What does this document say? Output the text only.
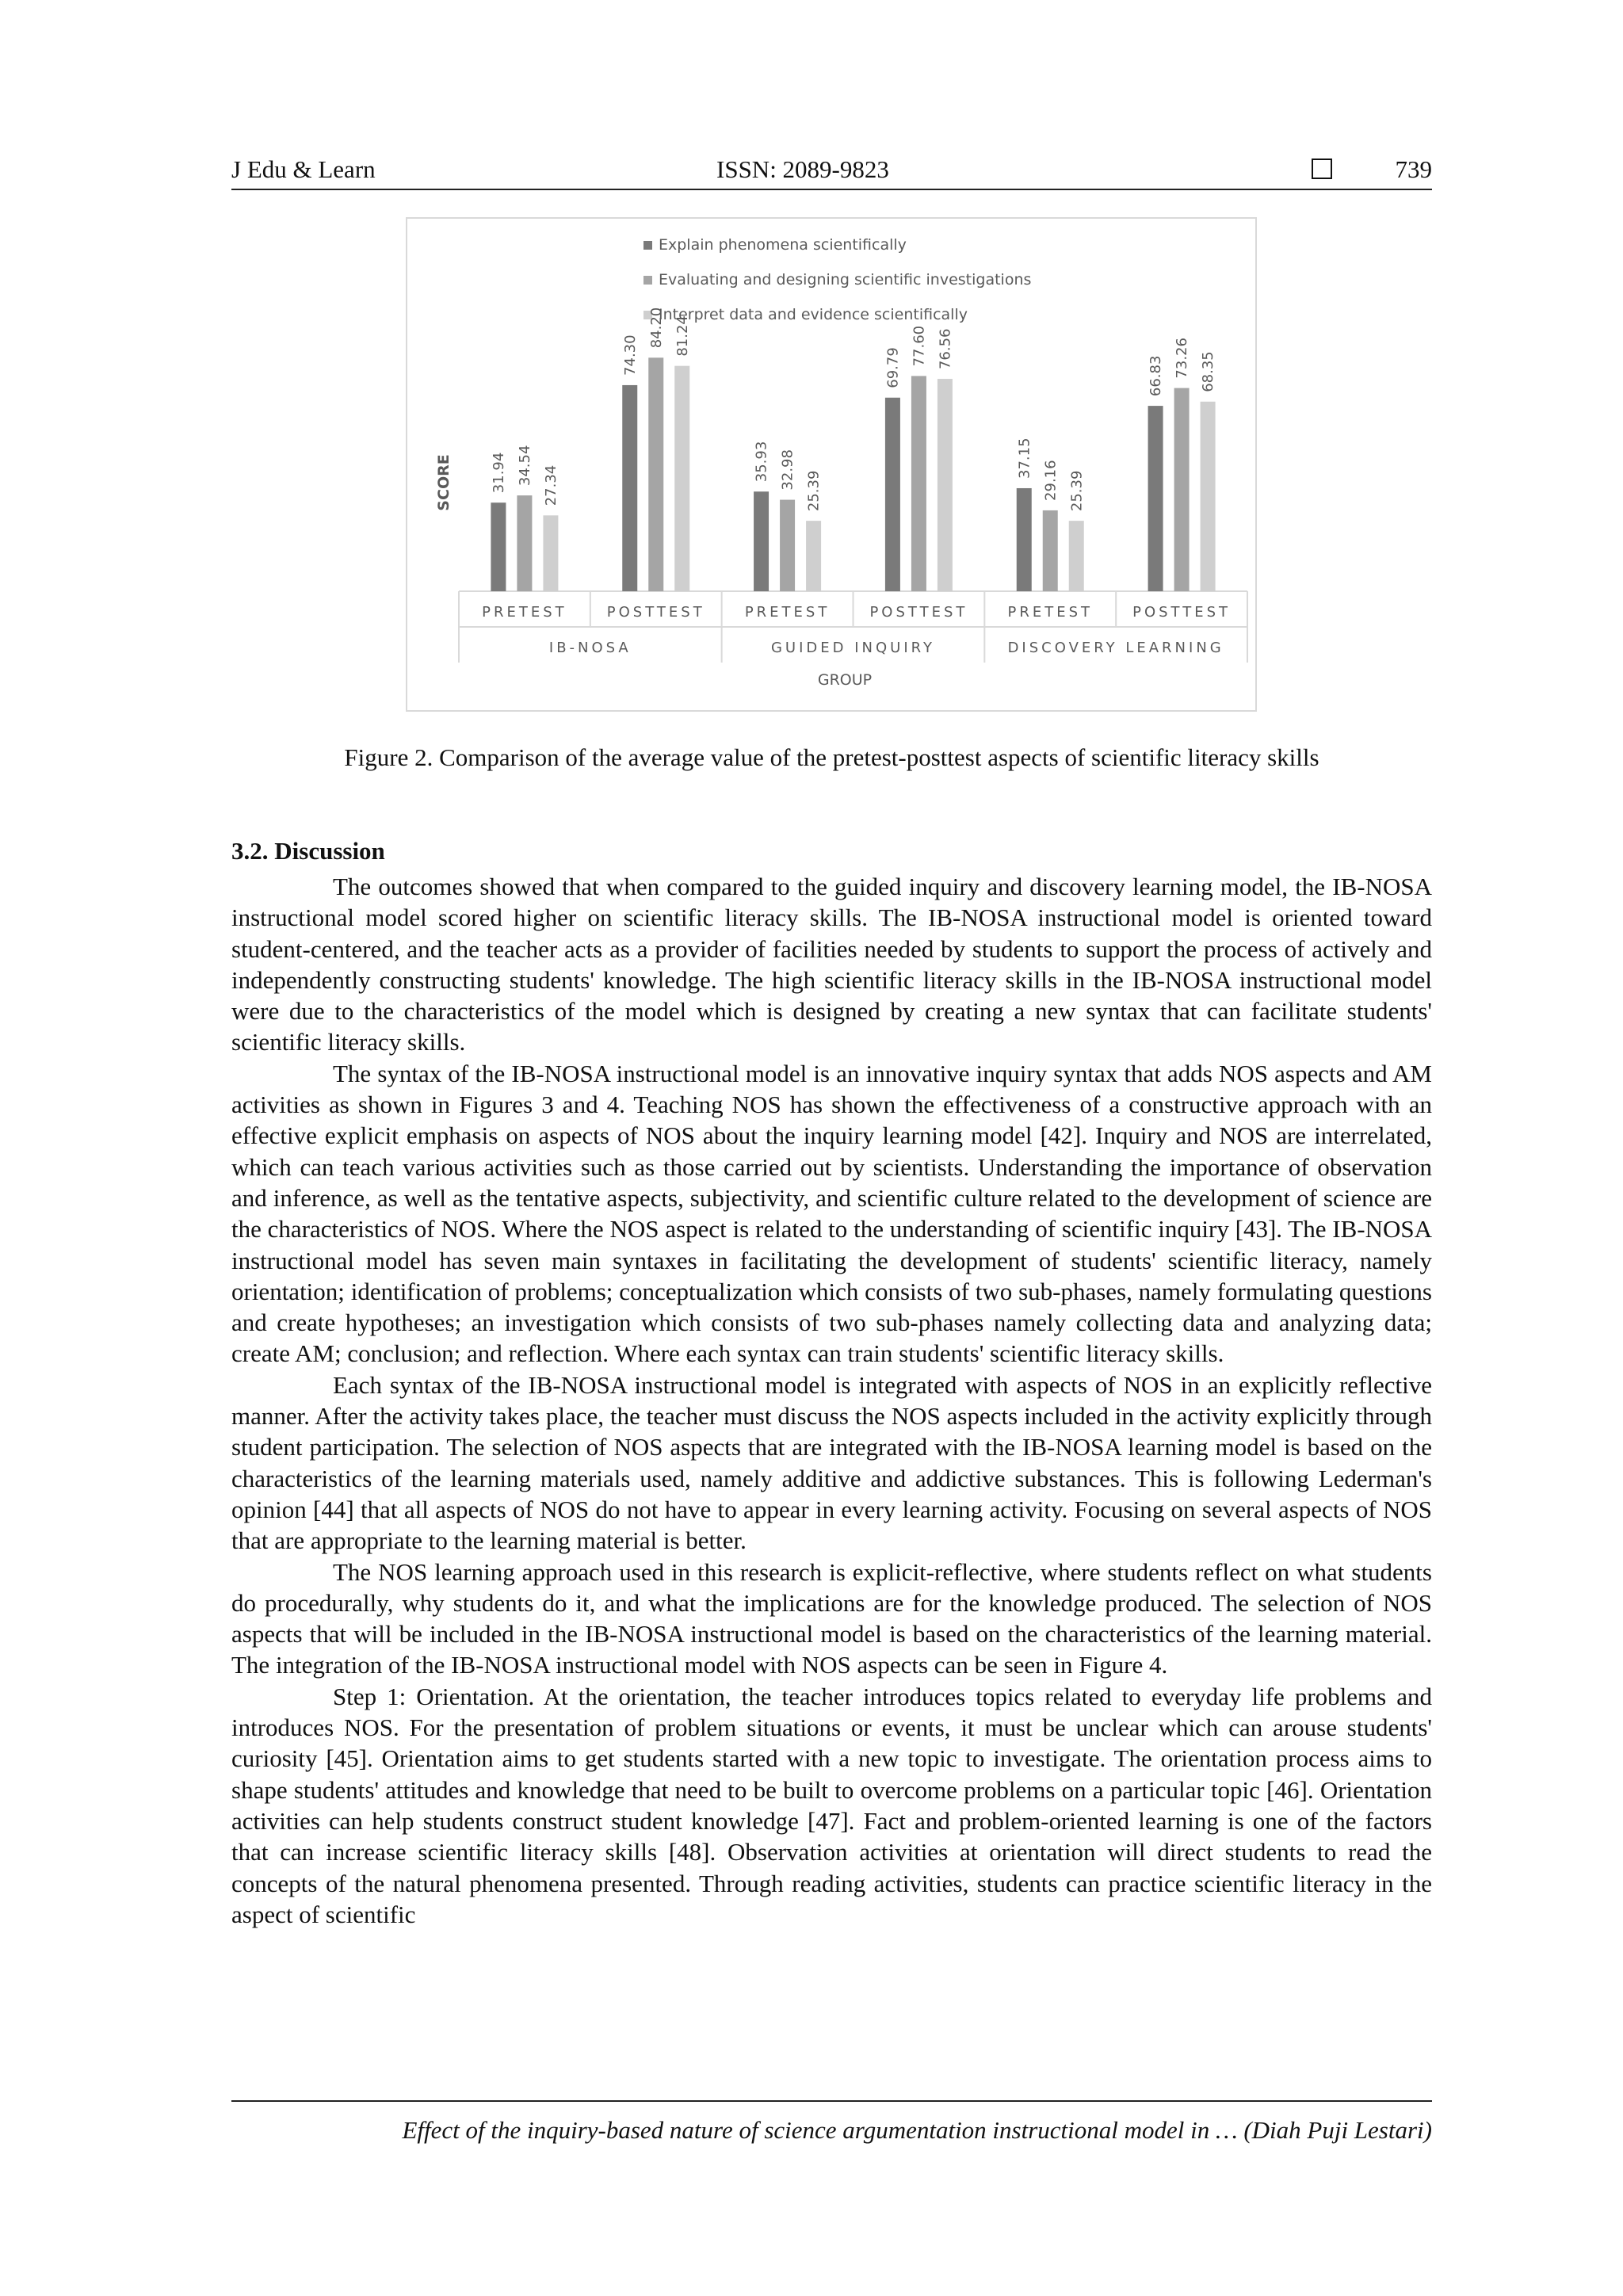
J Edu & Learn	ISSN: 2089-9823	739
Explain phenomena scientifically
Evaluating and designing scientific investigations
Interpret data and evidence scientifically
SCORE	31.94 34.54 27.34
PRETEST
74.30
84.20 81.24
POSTTEST
35.93 32.98
25.39
PRETEST
69.79
77.60 76.56
POSTTEST
37.15
29.16 25.39
PRETEST
66.83 73.26 68.35
POSTTEST
IB-NOSA	GUIDED INQUIRY	DISCOVERY LEARNING
GROUP
Figure 2. Comparison of the average value of the pretest-posttest aspects of scientific literacy skills
3.2. Discussion

The outcomes showed that when compared to the guided inquiry and discovery learning model, the IB-NOSA instructional model scored higher on scientific literacy skills. The IB-NOSA instructional model is oriented toward student-centered, and the teacher acts as a provider of facilities needed by students to support the process of actively and independently constructing students' knowledge. The high scientific literacy skills in the IB-NOSA instructional model were due to the characteristics of the model which is designed by creating a new syntax that can facilitate students' scientific literacy skills.

The syntax of the IB-NOSA instructional model is an innovative inquiry syntax that adds NOS aspects and AM activities as shown in Figures 3 and 4. Teaching NOS has shown the effectiveness of a constructive approach with an effective explicit emphasis on aspects of NOS about the inquiry learning model [42]. Inquiry and NOS are interrelated, which can teach various activities such as those carried out by scientists. Understanding the importance of observation and inference, as well as the tentative aspects, subjectivity, and scientific culture related to the development of science are the characteristics of NOS. Where the NOS aspect is related to the understanding of scientific inquiry [43]. The IB-NOSA instructional model has seven main syntaxes in facilitating the development of students' scientific literacy, namely orientation; identification of problems; conceptualization which consists of two sub-phases, namely formulating questions and create hypotheses; an investigation which consists of two sub-phases namely collecting data and analyzing data; create AM; conclusion; and reflection. Where each syntax can train students' scientific literacy skills.

Each syntax of the IB-NOSA instructional model is integrated with aspects of NOS in an explicitly reflective manner. After the activity takes place, the teacher must discuss the NOS aspects included in the activity explicitly through student participation. The selection of NOS aspects that are integrated with the IB-NOSA learning model is based on the characteristics of the learning materials used, namely additive and addictive substances. This is following Lederman's opinion [44] that all aspects of NOS do not have to appear in every learning activity. Focusing on several aspects of NOS that are appropriate to the learning material is better.

The NOS learning approach used in this research is explicit-reflective, where students reflect on what students do procedurally, why students do it, and what the implications are for the knowledge produced. The selection of NOS aspects that will be included in the IB-NOSA instructional model is based on the characteristics of the learning material. The integration of the IB-NOSA instructional model with NOS aspects can be seen in Figure 4.

Step 1: Orientation. At the orientation, the teacher introduces topics related to everyday life problems and introduces NOS. For the presentation of problem situations or events, it must be unclear which can arouse students' curiosity [45]. Orientation aims to get students started with a new topic to investigate. The orientation process aims to shape students' attitudes and knowledge that need to be built to overcome problems on a particular topic [46]. Orientation activities can help students construct student knowledge [47]. Fact and problem-oriented learning is one of the factors that can increase scientific literacy skills [48]. Observation activities at orientation will direct students to read the concepts of the natural phenomena presented. Through reading activities, students can practice scientific literacy in the aspect of scientific

Effect of the inquiry-based nature of science argumentation instructional model in … (Diah Puji Lestari)
